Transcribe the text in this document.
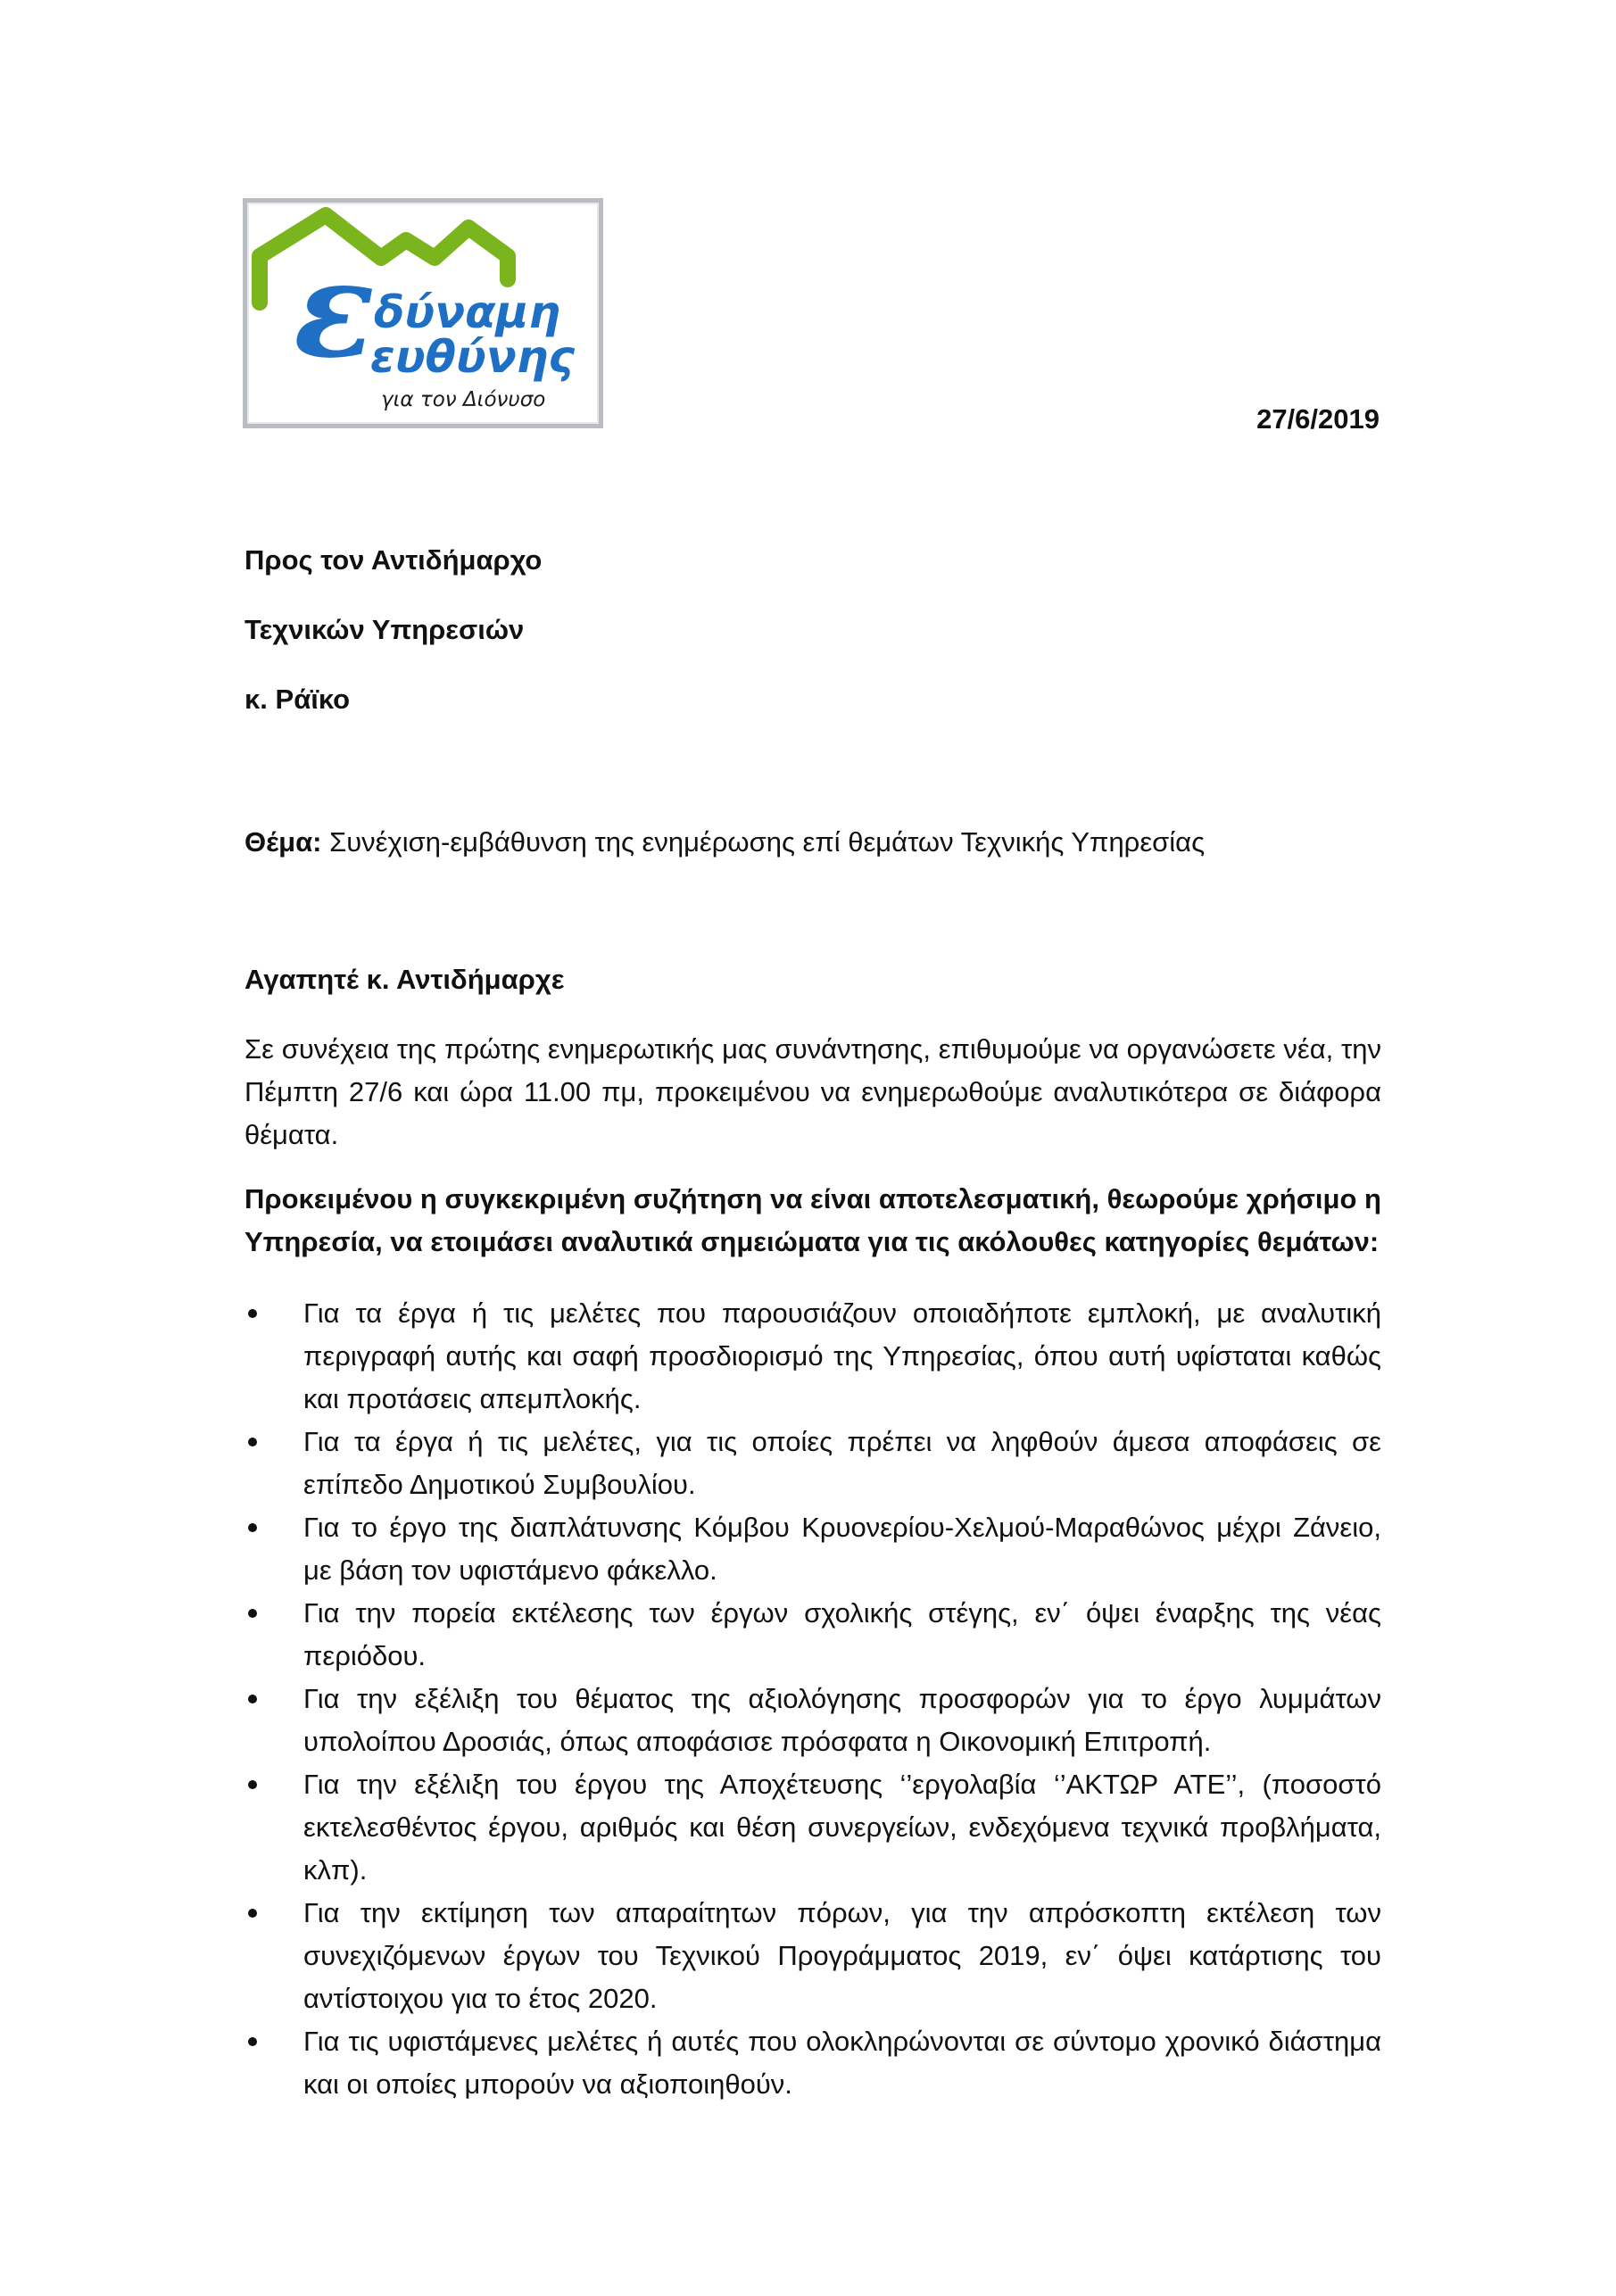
ε
δύναμη
ευθύνης
για τον Διόνυσο
27/6/2019
Προς τον Αντιδήμαρχο
Τεχνικών Υπηρεσιών
κ. Ράϊκο
Θέμα: Συνέχιση-εμβάθυνση της ενημέρωσης επί θεμάτων Τεχνικής Υπηρεσίας
Αγαπητέ κ. Αντιδήμαρχε
Σε συνέχεια της πρώτης ενημερωτικής μας συνάντησης, επιθυμούμε να οργανώσετε νέα, την Πέμπτη 27/6 και ώρα 11.00 πμ, προκειμένου να ενημερωθούμε αναλυτικότερα σε διάφορα θέματα.
Προκειμένου η συγκεκριμένη συζήτηση να είναι αποτελεσματική, θεωρούμε χρήσιμο η Υπηρεσία, να ετοιμάσει αναλυτικά σημειώματα για τις ακόλουθες κατηγορίες θεμάτων:
Για τα έργα ή τις μελέτες που παρουσιάζουν οποιαδήποτε εμπλοκή, με αναλυτική περιγραφή αυτής και σαφή προσδιορισμό της Υπηρεσίας, όπου αυτή υφίσταται καθώς και προτάσεις απεμπλοκής.
Για τα έργα ή τις μελέτες, για τις οποίες πρέπει να ληφθούν άμεσα αποφάσεις σε επίπεδο Δημοτικού Συμβουλίου.
Για το έργο της διαπλάτυνσης Κόμβου Κρυονερίου-Χελμού-Μαραθώνος μέχρι Ζάνειο, με βάση τον υφιστάμενο φάκελλο.
Για την πορεία εκτέλεσης των έργων σχολικής στέγης, εν΄ όψει έναρξης της νέας περιόδου.
Για την εξέλιξη του θέματος της αξιολόγησης προσφορών για το έργο λυμμάτων υπολοίπου Δροσιάς, όπως αποφάσισε πρόσφατα η Οικονομική Επιτροπή.
Για την εξέλιξη του έργου της Αποχέτευσης ‘’εργολαβία ‘’ΑΚΤΩΡ ΑΤΕ’’, (ποσοστό εκτελεσθέντος έργου, αριθμός και θέση συνεργείων, ενδεχόμενα τεχνικά προβλήματα, κλπ).
Για την εκτίμηση των απαραίτητων πόρων, για την απρόσκοπτη εκτέλεση των συνεχιζόμενων έργων του Τεχνικού Προγράμματος 2019, εν΄ όψει κατάρτισης του αντίστοιχου για το έτος 2020.
Για τις υφιστάμενες μελέτες ή αυτές που ολοκληρώνονται σε σύντομο χρονικό διάστημα και οι οποίες μπορούν να αξιοποιηθούν.
